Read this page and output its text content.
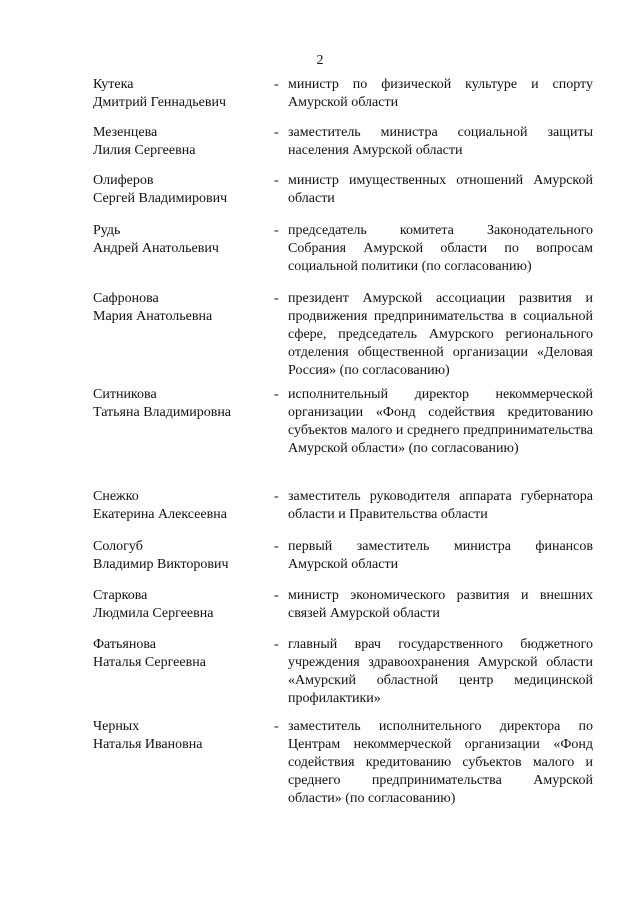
2
Кутека
Дмитрий Геннадьевич
- министр по физической культуре и спорту Амурской области
Мезенцева
Лилия Сергеевна
- заместитель министра социальной защиты населения Амурской области
Олиферов
Сергей Владимирович
- министр имущественных отношений Амурской области
Рудь
Андрей Анатольевич
- председатель комитета Законодательного Собрания Амурской области по вопросам социальной политики (по согласованию)
Сафронова
Мария Анатольевна
- президент Амурской ассоциации развития и продвижения предпринимательства в социальной сфере, председатель Амурского регионального отделения общественной организации «Деловая Россия» (по согласованию)
Ситникова
Татьяна Владимировна
- исполнительный директор некоммерческой организации «Фонд содействия кредитованию субъектов малого и среднего предпринимательства Амурской области» (по согласованию)
Снежко
Екатерина Алексеевна
- заместитель руководителя аппарата губернатора области и Правительства области
Сологуб
Владимир Викторович
- первый заместитель министра финансов Амурской области
Старкова
Людмила Сергеевна
- министр экономического развития и внешних связей Амурской области
Фатьянова
Наталья Сергеевна
- главный врач государственного бюджетного учреждения здравоохранения Амурской области «Амурский областной центр медицинской профилактики»
Черных
Наталья Ивановна
- заместитель исполнительного директора по Центрам некоммерческой организации «Фонд содействия кредитованию субъектов малого и среднего предпринимательства Амурской области» (по согласованию)
